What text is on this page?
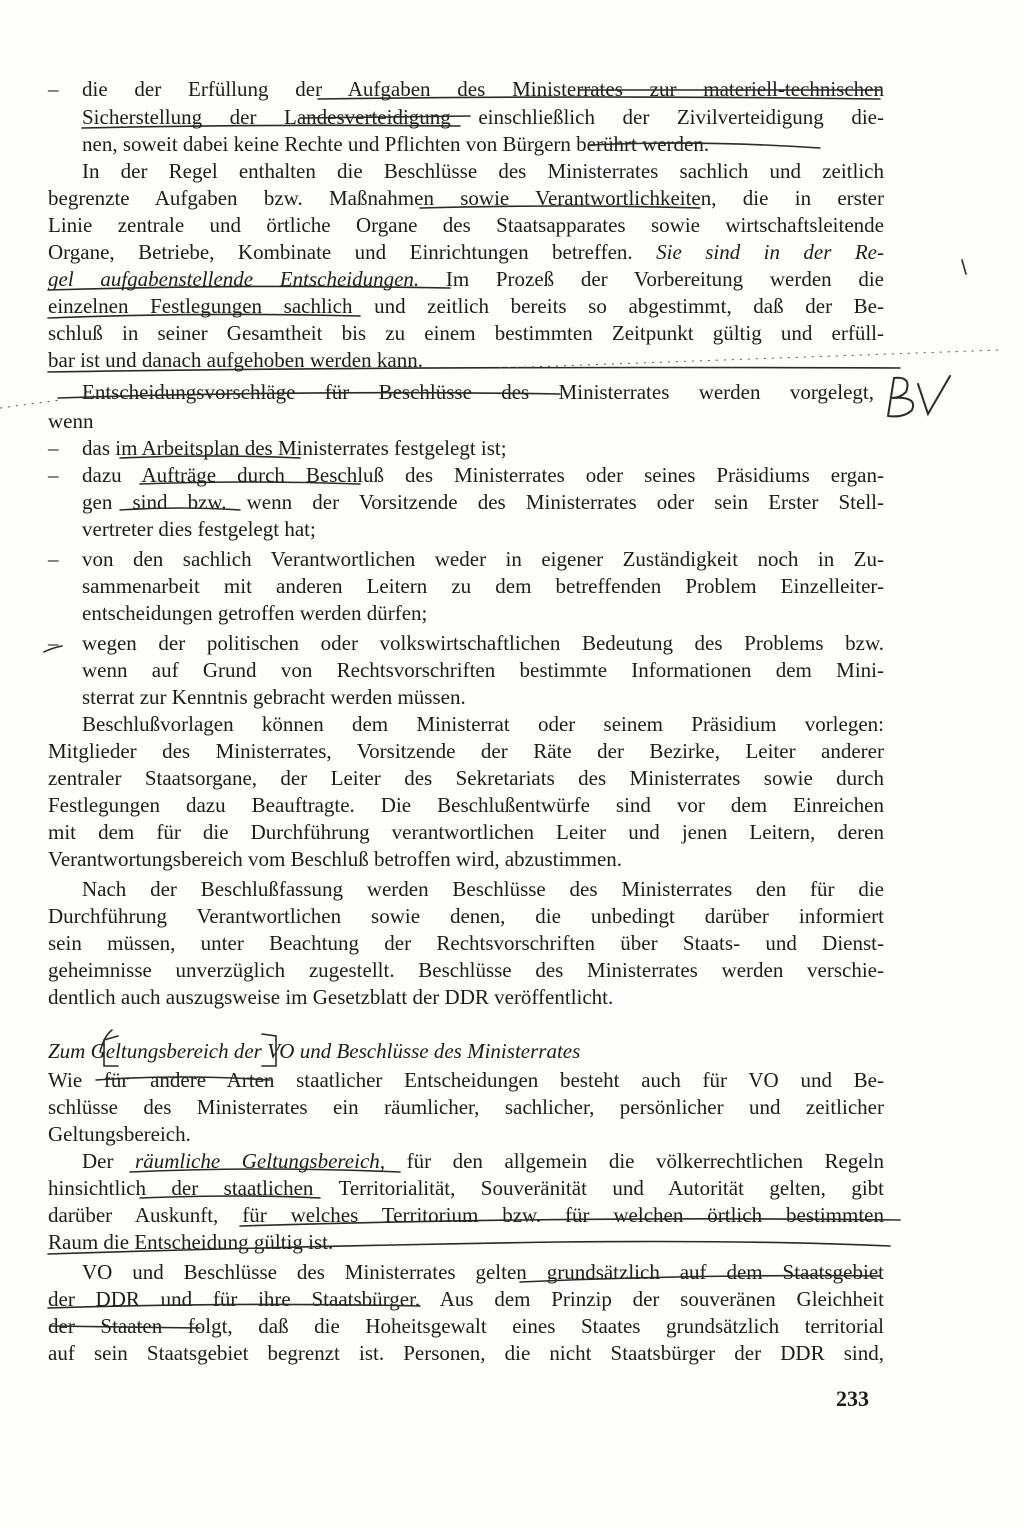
– die der Erfüllung der Aufgaben des Ministerrates zur materiell-technischen
Sicherstellung der Landesverteidigung einschließlich der Zivilverteidigung die-
nen, soweit dabei keine Rechte und Pflichten von Bürgern berührt werden.
In der Regel enthalten die Beschlüsse des Ministerrates sachlich und zeitlich
begrenzte Aufgaben bzw. Maßnahmen sowie Verantwortlichkeiten, die in erster
Linie zentrale und örtliche Organe des Staatsapparates sowie wirtschaftsleitende
Organe, Betriebe, Kombinate und Einrichtungen betreffen. Sie sind in der Re-
gel aufgabenstellende Entscheidungen. Im Prozeß der Vorbereitung werden die
einzelnen Festlegungen sachlich und zeitlich bereits so abgestimmt, daß der Be-
schluß in seiner Gesamtheit bis zu einem bestimmten Zeitpunkt gültig und erfüll-
bar ist und danach aufgehoben werden kann.
Entscheidungsvorschläge für Beschlüsse des Ministerrates werden vorgelegt,
wenn
– das im Arbeitsplan des Ministerrates festgelegt ist;
– dazu Aufträge durch Beschluß des Ministerrates oder seines Präsidiums ergan-
gen sind bzw. wenn der Vorsitzende des Ministerrates oder sein Erster Stell-
vertreter dies festgelegt hat;
– von den sachlich Verantwortlichen weder in eigener Zuständigkeit noch in Zu-
sammenarbeit mit anderen Leitern zu dem betreffenden Problem Einzelleiter-
entscheidungen getroffen werden dürfen;
– wegen der politischen oder volkswirtschaftlichen Bedeutung des Problems bzw.
wenn auf Grund von Rechtsvorschriften bestimmte Informationen dem Mini-
sterrat zur Kenntnis gebracht werden müssen.
Beschlußvorlagen können dem Ministerrat oder seinem Präsidium vorlegen:
Mitglieder des Ministerrates, Vorsitzende der Räte der Bezirke, Leiter anderer
zentraler Staatsorgane, der Leiter des Sekretariats des Ministerrates sowie durch
Festlegungen dazu Beauftragte. Die Beschlußentwürfe sind vor dem Einreichen
mit dem für die Durchführung verantwortlichen Leiter und jenen Leitern, deren
Verantwortungsbereich vom Beschluß betroffen wird, abzustimmen.
Nach der Beschlußfassung werden Beschlüsse des Ministerrates den für die
Durchführung Verantwortlichen sowie denen, die unbedingt darüber informiert
sein müssen, unter Beachtung der Rechtsvorschriften über Staats- und Dienst-
geheimnisse unverzüglich zugestellt. Beschlüsse des Ministerrates werden verschie-
dentlich auch auszugsweise im Gesetzblatt der DDR veröffentlicht.
Zum Geltungsbereich der VO und Beschlüsse des Ministerrates
Wie für andere Arten staatlicher Entscheidungen besteht auch für VO und Be-
schlüsse des Ministerrates ein räumlicher, sachlicher, persönlicher und zeitlicher
Geltungsbereich.
Der räumliche Geltungsbereich, für den allgemein die völkerrechtlichen Regeln
hinsichtlich der staatlichen Territorialität, Souveränität und Autorität gelten, gibt
darüber Auskunft, für welches Territorium bzw. für welchen örtlich bestimmten
Raum die Entscheidung gültig ist.
VO und Beschlüsse des Ministerrates gelten grundsätzlich auf dem Staatsgebiet
der DDR und für ihre Staatsbürger. Aus dem Prinzip der souveränen Gleichheit
der Staaten folgt, daß die Hoheitsgewalt eines Staates grundsätzlich territorial
auf sein Staatsgebiet begrenzt ist. Personen, die nicht Staatsbürger der DDR sind,
233
